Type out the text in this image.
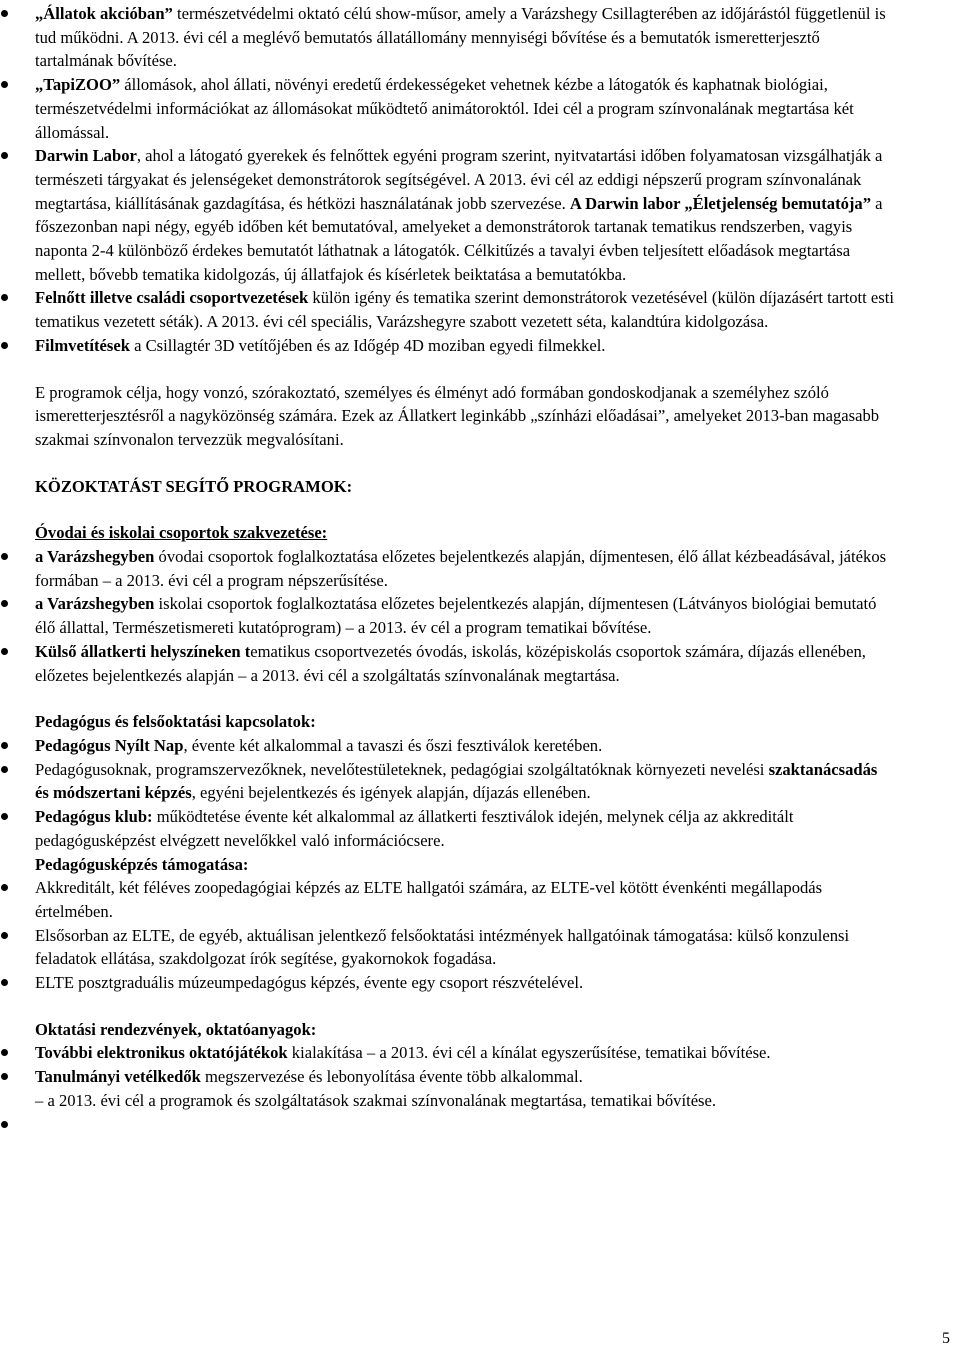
„Állatok akcióban” természetvédelmi oktató célú show-műsor, amely a Varázshegy Csillagterében az időjárástól függetlenül is tud működni. A 2013. évi cél a meglévő bemutatós állatállomány mennyiségi bővítése és a bemutatók ismeretterjesztő tartalmának bővítése.
„TapiZOO” állomások, ahol állati, növényi eredetű érdekességeket vehetnek kézbe a látogatók és kaphatnak biológiai, természetvédelmi információkat az állomásokat működtető animátoroktól. Idei cél a program színvonalának megtartása két állomással.
Darwin Labor, ahol a látogató gyerekek és felnőttek egyéni program szerint, nyitvatartási időben folyamatosan vizsgálhatják a természeti tárgyakat és jelenségeket demonstrátorok segítségével. A 2013. évi cél az eddigi népszerű program színvonalának megtartása, kiállításának gazdagítása, és hétközi használatának jobb szervezése. A Darwin labor „Életjelenség bemutatója” a főszezonban napi négy, egyéb időben két bemutatóval, amelyeket a demonstrátorok tartanak tematikus rendszerben, vagyis naponta 2-4 különböző érdekes bemutatót láthatnak a látogatók. Célkitűzés a tavalyi évben teljesített előadások megtartása mellett, bővebb tematika kidolgozás, új állatfajok és kísérletek beiktatása a bemutatókba.
Felnőtt illetve családi csoportvezetések külön igény és tematika szerint demonstrátorok vezetésével (külön díjazásért tartott esti tematikus vezetett séták). A 2013. évi cél speciális, Varázshegyre szabott vezetett séta, kalandtúra kidolgozása.
Filmvetítések a Csillagtér 3D vetítőjében és az Időgép 4D moziban egyedi filmekkel.

E programok célja, hogy vonzó, szórakoztató, személyes és élményt adó formában gondoskodjanak a személyhez szóló ismeretterjesztésről a nagyközönség számára. Ezek az Állatkert leginkább „színházi előadásai”, amelyeket 2013-ban magasabb szakmai színvonalon tervezzük megvalósítani.

KÖZOKTATÁST SEGÍTŐ PROGRAMOK:

Óvodai és iskolai csoportok szakvezetése:

a Varázshegyben óvodai csoportok foglalkoztatása előzetes bejelentkezés alapján, díjmentesen, élő állat kézbeadásával, játékos formában – a 2013. évi cél a program népszerűsítése.
a Varázshegyben iskolai csoportok foglalkoztatása előzetes bejelentkezés alapján, díjmentesen (Látványos biológiai bemutató élő állattal, Természetismereti kutatóprogram) – a 2013. év cél a program tematikai bővítése.
Külső állatkerti helyszíneken tematikus csoportvezetés óvodás, iskolás, középiskolás csoportok számára, díjazás ellenében, előzetes bejelentkezés alapján – a 2013. évi cél a szolgáltatás színvonalának megtartása.

Pedagógus és felsőoktatási kapcsolatok:

Pedagógus Nyílt Nap, évente két alkalommal a tavaszi és őszi fesztiválok keretében.
Pedagógusoknak, programszervezőknek, nevelőtestületeknek, pedagógiai szolgáltatóknak környezeti nevelési szaktanácsadás és módszertani képzés, egyéni bejelentkezés és igények alapján, díjazás ellenében.
Pedagógus klub: működtetése évente két alkalommal az állatkerti fesztiválok idején, melynek célja az akkreditált pedagógusképzést elvégzett nevelőkkel való információcsere.

Pedagógusképzés támogatása:

Akkreditált, két féléves zoopedagógiai képzés az ELTE hallgatói számára, az ELTE-vel kötött évenkénti megállapodás értelmében.
Elsősorban az ELTE, de egyéb, aktuálisan jelentkező felsőoktatási intézmények hallgatóinak támogatása: külső konzulensi feladatok ellátása, szakdolgozat írók segítése, gyakornokok fogadása.
ELTE posztgraduális múzeumpedagógus képzés, évente egy csoport részvételével.

Oktatási rendezvények, oktatóanyagok:

További elektronikus oktatójátékok kialakítása – a 2013. évi cél a kínálat egyszerűsítése, tematikai bővítése.
Tanulmányi vetélkedők megszervezése és lebonyolítása évente több alkalommal.
– a 2013. évi cél a programok és szolgáltatások szakmai színvonalának megtartása, tematikai bővítése.
5
